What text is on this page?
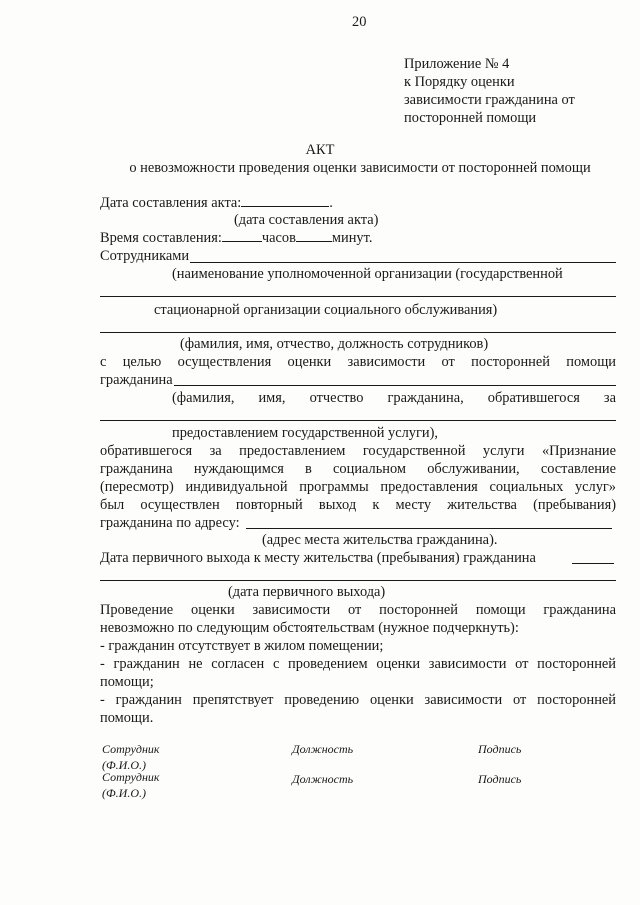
20
Приложение № 4
к Порядку оценки
зависимости гражданина от
посторонней помощи
АКТ
о невозможности проведения оценки зависимости от посторонней помощи
Дата составления акта:	.
(дата составления акта)
Время составления:	часов	минут.
Сотрудниками
(наименование уполномоченной организации (государственной
стационарной организации социального обслуживания)
(фамилия, имя, отчество, должность сотрудников)
с целью осуществления оценки зависимости от посторонней помощи
гражданина
(фамилия, имя, отчество гражданина, обратившегося за
предоставлением государственной услуги),
обратившегося за предоставлением государственной услуги «Признание
гражданина нуждающимся в социальном обслуживании, составление
(пересмотр) индивидуальной программы предоставления социальных услуг»
был осуществлен повторный выход к месту жительства (пребывания)
гражданина по адресу:
(адрес места жительства гражданина).
Дата первичного выхода к месту жительства (пребывания) гражданина
(дата первичного выхода)
Проведение оценки зависимости от посторонней помощи гражданина
невозможно по следующим обстоятельствам (нужное подчеркнуть):
- гражданин отсутствует в жилом помещении;
- гражданин не согласен с проведением оценки зависимости от посторонней
помощи;
- гражданин препятствует проведению оценки зависимости от посторонней
помощи.
Сотрудник	Должность	Подпись
(Ф.И.О.)
Сотрудник	Должность	Подпись
(Ф.И.О.)
